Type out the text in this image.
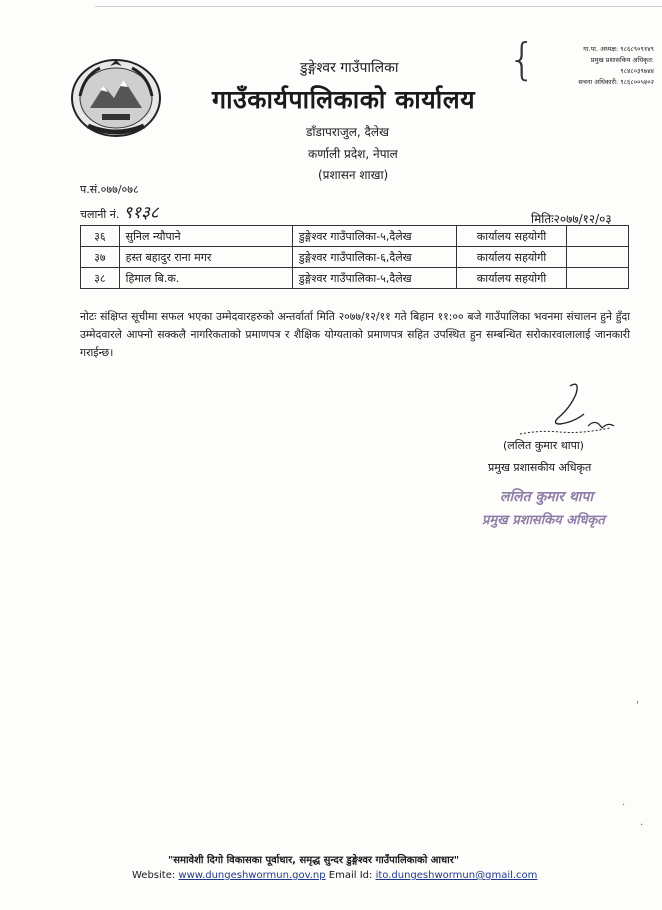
डुङ्गेश्वर गाउँपालिका
गाउँकार्यपालिकाको कार्यालय
डाँडापराजुल, दैलेख
कर्णाली प्रदेश, नेपाल
(प्रशासन शाखा)
{	गा.पा. अध्यक्ष: ९८६८९०९१४९
प्रमुख प्रशासकिय अधिकृत:
९८४८०३९७४४
सचना अधिकारी: ९८६८००५४०२
प.सं.०७७/०७८
चलानी नं. ९१३८	मितिः२०७७/१२/०३
३६	सुनिल न्यौपाने	डुङ्गेश्वर गाउँपालिका-५,दैलेख	कार्यालय सहयोगी	
३७	हस्त बहादुर राना मगर	डुङ्गेश्वर गाउँपालिका-६,दैलेख	कार्यालय सहयोगी	
३८	हिमाल बि.क.	डुङ्गेश्वर गाउँपालिका-५,दैलेख	कार्यालय सहयोगी	
नोटः संक्षिप्त सूचीमा सफल भएका उम्मेदवारहरुको अन्तर्वार्ता मिति २०७७/१२/११ गते बिहान ११:०० बजे गाउँपालिका भवनमा संचालन हुने हुँदा उम्मेदवारले आफ्नो सक्कलै नागरिकताको प्रमाणपत्र र शैक्षिक योग्यताको प्रमाणपत्र सहित उपस्थित हुन सम्बन्धित सरोकारवालालाई जानकारी गराईन्छ।
(ललित कुमार थापा)
प्रमुख प्रशासकीय अधिकृत
ललित कुमार थापा
प्रमुख प्रशासकिय अधिकृत
'
·
·
"समावेशी दिगो विकासका पूर्वाधार, समृद्ध सुन्दर डुङ्गेश्वर गाउँपालिकाको आधार"
Website: www.dungeshwormun.gov.np Email Id: ito.dungeshwormun@gmail.com
